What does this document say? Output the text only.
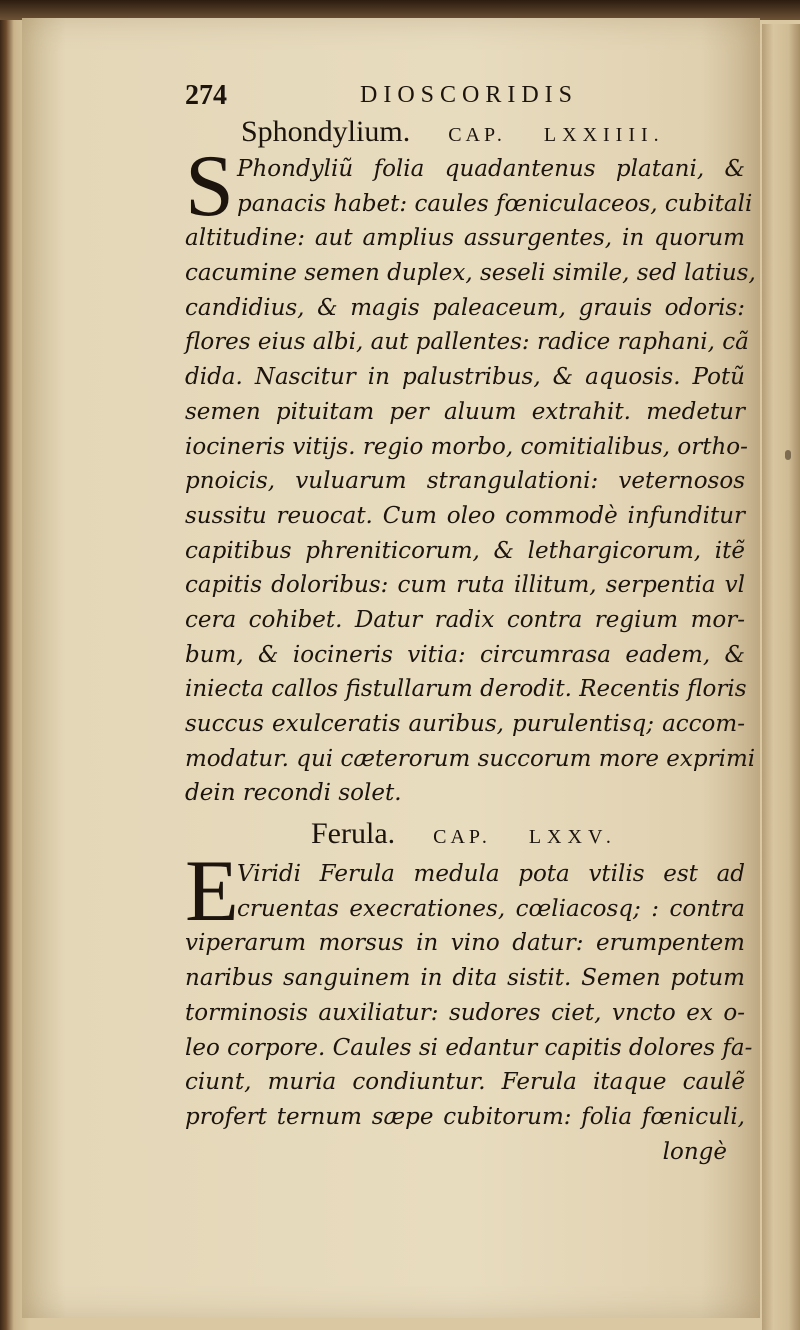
274	DIOSCORIDIS
Sphondylium. CAP. LXXIIII.
S Phondyliũ folia quadantenus platani, &
panacis habet: caules fœniculaceos, cubitali
altitudine: aut amplius assurgentes, in quorum
cacumine semen duplex, seseli simile, sed latius,
candidius, & magis paleaceum, grauis odoris:
flores eius albi, aut pallentes: radice raphani, cã
dida. Nascitur in palustribus, & aquosis. Potũ
semen pituitam per aluum extrahit. medetur
iocineris vitijs. regio morbo, comitialibus, ortho-
pnoicis, vuluarum strangulationi: veternosos
sussitu reuocat. Cum oleo commodè infunditur
capitibus phreniticorum, & lethargicorum, itẽ
capitis doloribus: cum ruta illitum, serpentia vl
cera cohibet. Datur radix contra regium mor-
bum, & iocineris vitia: circumrasa eadem, &
iniecta callos fistullarum derodit. Recentis floris
succus exulceratis auribus, purulentisq; accom-
modatur. qui cæterorum succorum more exprimi
dein recondi solet.
Ferula. CAP. LXXV.
E
Viridi Ferula medula pota vtilis est ad
cruentas execrationes, cœliacosq; : contra
viperarum morsus in vino datur: erumpentem
naribus sanguinem in dita sistit. Semen potum
torminosis auxiliatur: sudores ciet, vncto ex o-
leo corpore. Caules si edantur capitis dolores fa-
ciunt, muria condiuntur. Ferula itaque caulẽ
profert ternum sæpe cubitorum: folia fœniculi,
longè
